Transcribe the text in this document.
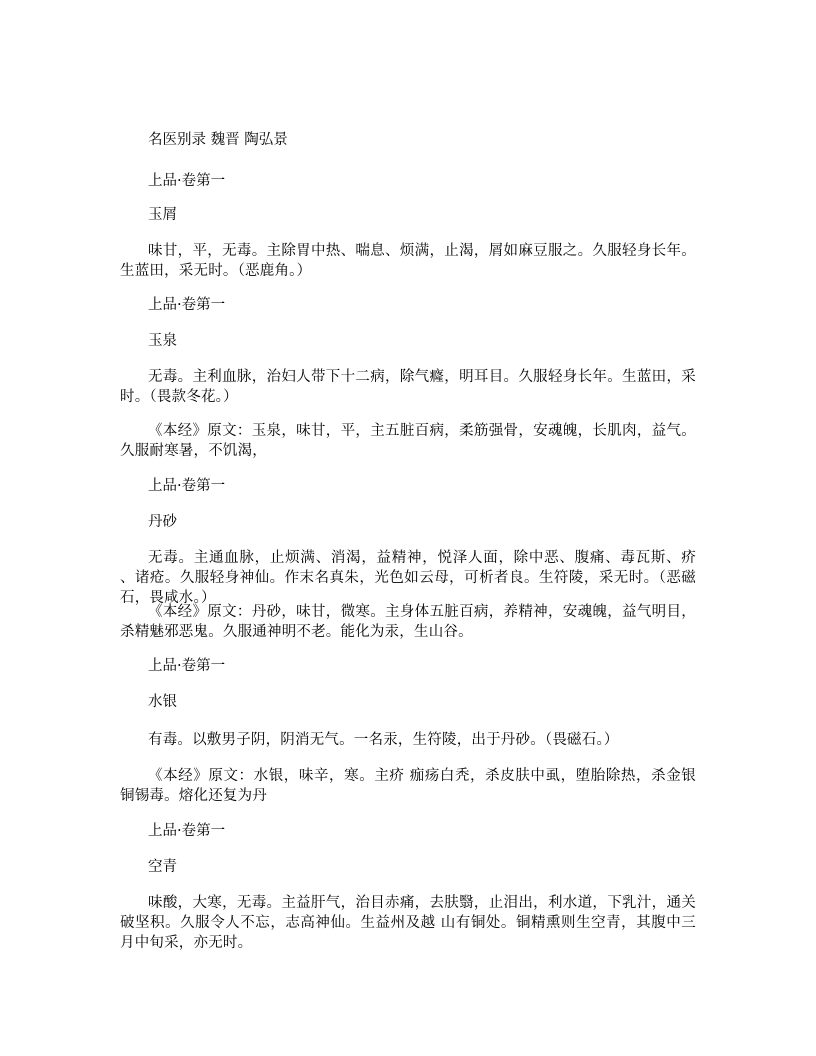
名医别录 魏晋 陶弘景

上品·卷第一

玉屑

味甘，平，无毒。主除胃中热、喘息、烦满，止渴，屑如麻豆服之。久服轻身长年。生蓝田，采无时。（恶鹿角。）

上品·卷第一

玉泉

无毒。主利血脉，治妇人带下十二病，除气癃，明耳目。久服轻身长年。生蓝田，采时。（畏款冬花。）

《本经》原文：玉泉，味甘，平，主五脏百病，柔筋强骨，安魂魄，长肌肉，益气。久服耐寒暑，不饥渴，

上品·卷第一

丹砂

无毒。主通血脉，止烦满、消渴，益精神，悦泽人面，除中恶、腹痛、毒瓦斯、疥 、诸疮。久服轻身神仙。作末名真朱，光色如云母，可析者良。生符陵，采无时。（恶磁石，畏咸水。）

《本经》原文：丹砂，味甘，微寒。主身体五脏百病，养精神，安魂魄，益气明目，杀精魅邪恶鬼。久服通神明不老。能化为汞，生山谷。

上品·卷第一

水银

有毒。以敷男子阴，阴消无气。一名汞，生符陵，出于丹砂。（畏磁石。）

《本经》原文：水银，味辛，寒。主疥 痂疡白秃，杀皮肤中虱，堕胎除热，杀金银铜锡毒。熔化还复为丹

上品·卷第一

空青

味酸，大寒，无毒。主益肝气，治目赤痛，去肤翳，止泪出，利水道，下乳汁，通关破坚积。久服令人不忘，志高神仙。生益州及越 山有铜处。铜精熏则生空青，其腹中三月中旬采，亦无时。
